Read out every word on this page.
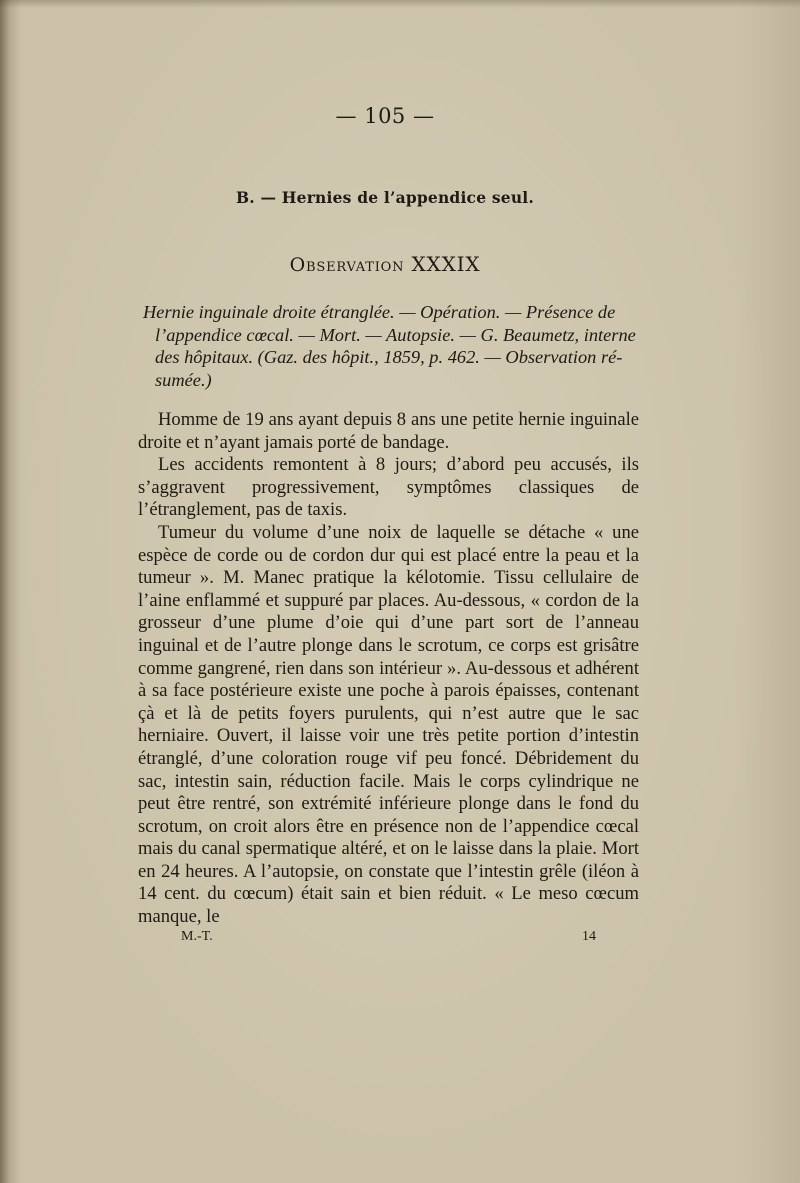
— 105 —
B. — Hernies de l’appendice seul.
Observation XXXIX
Hernie inguinale droite étranglée. — Opération. — Présence de
l’appendice cœcal. — Mort. — Autopsie. — G. Beaumetz, interne
des hôpitaux. (Gaz. des hôpit., 1859, p. 462. — Observation ré-
sumée.)

Homme de 19 ans ayant depuis 8 ans une petite hernie inguinale droite et n’ayant jamais porté de bandage.

Les accidents remontent à 8 jours; d’abord peu accusés, ils s’aggravent progressivement, symptômes classiques de l’étranglement, pas de taxis.

Tumeur du volume d’une noix de laquelle se détache « une espèce de corde ou de cordon dur qui est placé entre la peau et la tumeur ». M. Manec pratique la kélotomie. Tissu cellulaire de l’aine enflammé et suppuré par places. Au-dessous, « cordon de la grosseur d’une plume d’oie qui d’une part sort de l’anneau inguinal et de l’autre plonge dans le scrotum, ce corps est grisâtre comme gangrené, rien dans son intérieur ». Au-dessous et adhérent à sa face postérieure existe une poche à parois épaisses, contenant çà et là de petits foyers purulents, qui n’est autre que le sac herniaire. Ouvert, il laisse voir une très petite portion d’intestin étranglé, d’une coloration rouge vif peu foncé. Débridement du sac, intestin sain, réduction facile. Mais le corps cylindrique ne peut être rentré, son extrémité inférieure plonge dans le fond du scrotum, on croit alors être en présence non de l’appendice cœcal mais du canal spermatique altéré, et on le laisse dans la plaie. Mort en 24 heures. A l’autopsie, on constate que l’intestin grêle (iléon à 14 cent. du cœcum) était sain et bien réduit. « Le meso cœcum manque, le

M.-T.	14
